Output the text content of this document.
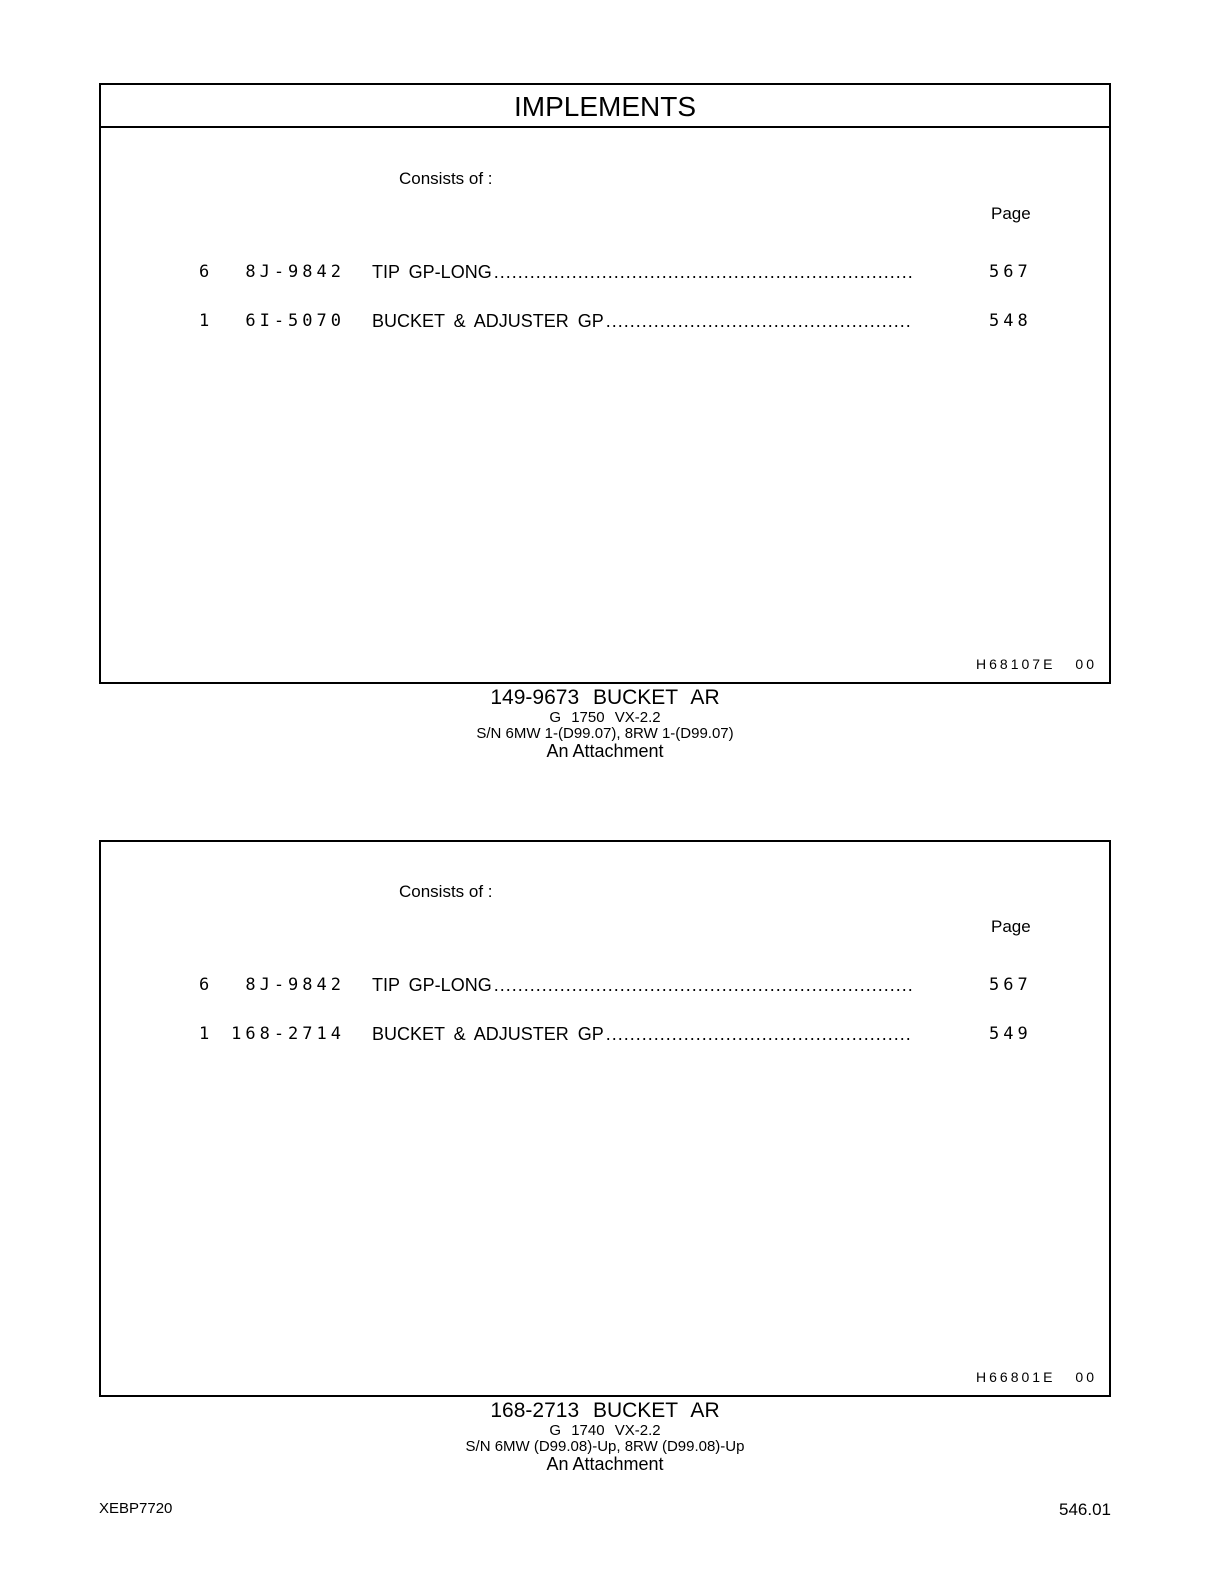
IMPLEMENTS
Consists of :
Page
6 8J-9842 TIP GP-LONG .....	567
1 6I-5070 BUCKET & ADJUSTER GP .....	548
H68107E 00
149-9673 BUCKET AR
G 1750 VX-2.2
S/N 6MW 1-(D99.07), 8RW 1-(D99.07)
An Attachment
Consists of :
Page
6 8J-9842 TIP GP-LONG .....	567
1 168-2714 BUCKET & ADJUSTER GP .....	549
H66801E 00
168-2713 BUCKET AR
G 1740 VX-2.2
S/N 6MW (D99.08)-Up, 8RW (D99.08)-Up
An Attachment
XEBP7720	546.01
